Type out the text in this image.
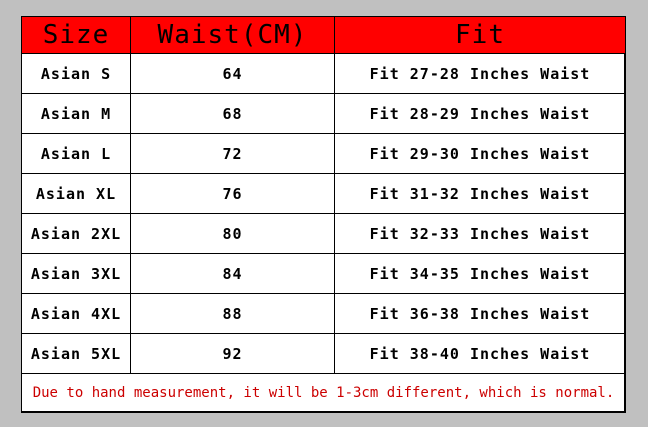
Size	Waist(CM)	Fit
Asian S	64	Fit 27-28 Inches Waist
Asian M	68	Fit 28-29 Inches Waist
Asian L	72	Fit 29-30 Inches Waist
Asian XL	76	Fit 31-32 Inches Waist
Asian 2XL	80	Fit 32-33 Inches Waist
Asian 3XL	84	Fit 34-35 Inches Waist
Asian 4XL	88	Fit 36-38 Inches Waist
Asian 5XL	92	Fit 38-40 Inches Waist
Due to hand measurement, it will be 1-3cm different, which is normal.		
